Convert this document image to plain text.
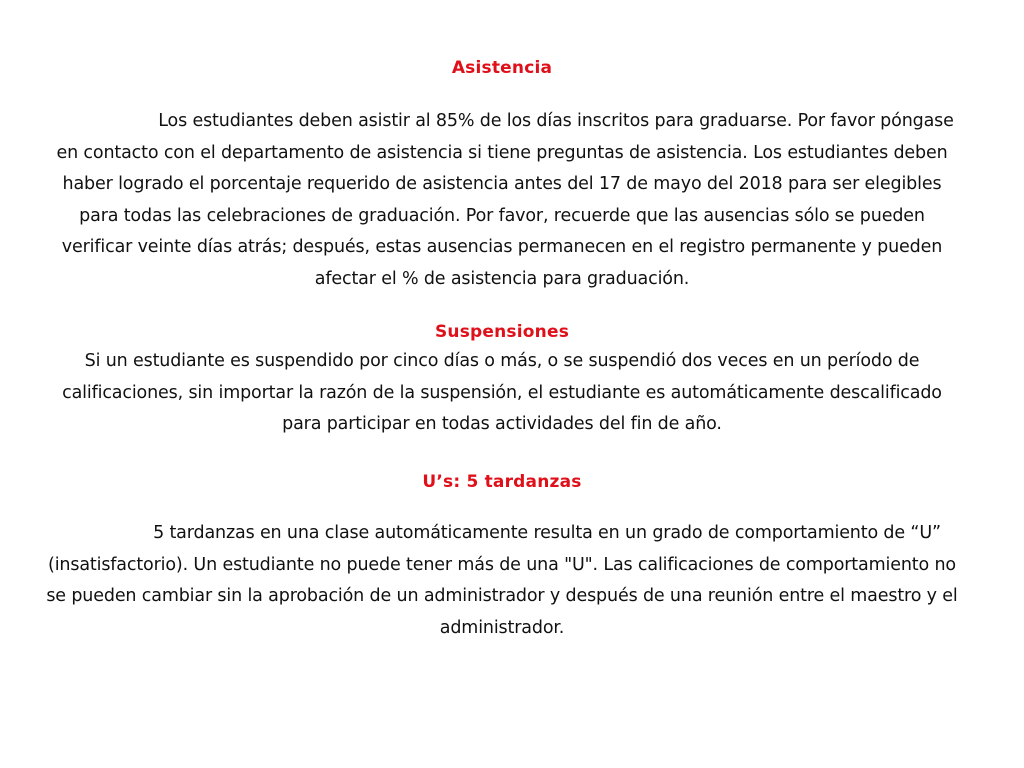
Asistencia

Los estudiantes deben asistir al 85% de los días inscritos para graduarse. Por favor póngase en contacto con el departamento de asistencia si tiene preguntas de asistencia. Los estudiantes deben haber logrado el porcentaje requerido de asistencia antes del 17 de mayo del 2018 para ser elegibles para todas las celebraciones de graduación. Por favor, recuerde que las ausencias sólo se pueden verificar veinte días atrás; después, estas ausencias permanecen en el registro permanente y pueden afectar el % de asistencia para graduación.

Suspensiones

Si un estudiante es suspendido por cinco días o más, o se suspendió dos veces en un período de calificaciones, sin importar la razón de la suspensión, el estudiante es automáticamente descalificado para participar en todas actividades del fin de año.

U’s: 5 tardanzas

5 tardanzas en una clase automáticamente resulta en un grado de comportamiento de “U” (insatisfactorio). Un estudiante no puede tener más de una "U". Las calificaciones de comportamiento no se pueden cambiar sin la aprobación de un administrador y después de una reunión entre el maestro y el administrador.
